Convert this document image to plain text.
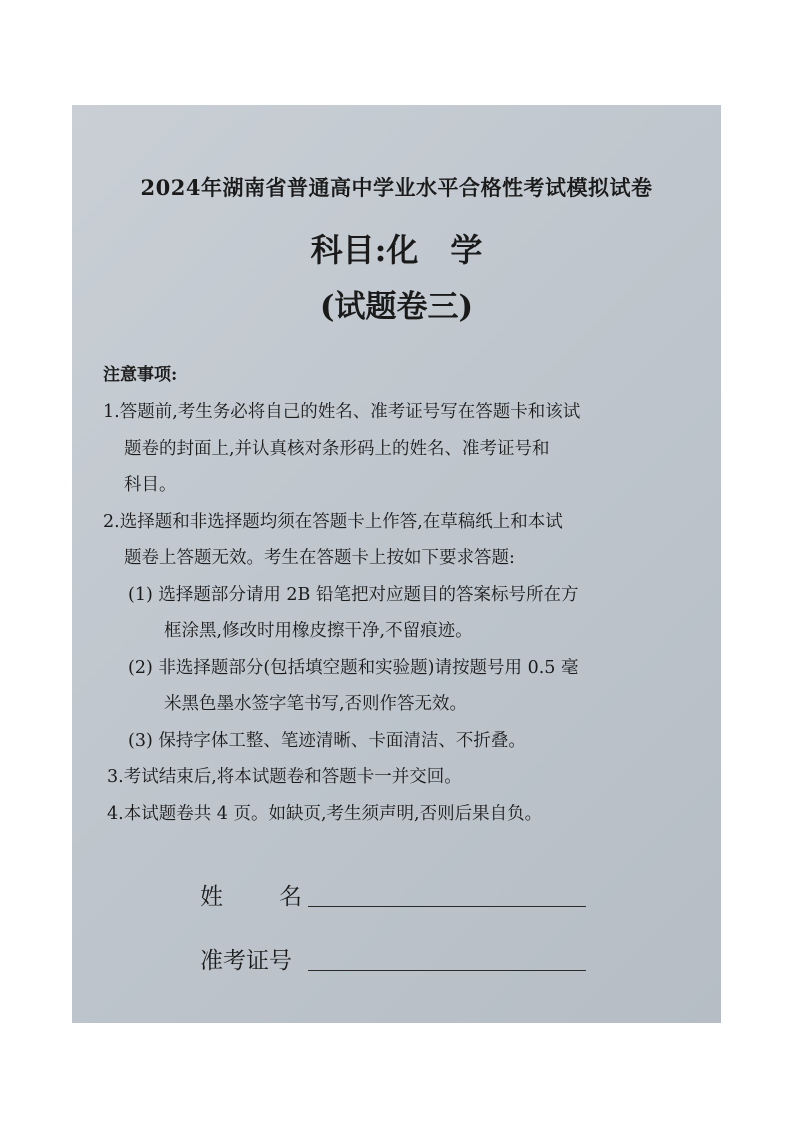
2024年湖南省普通高中学业水平合格性考试模拟试卷
科目:化　学
(试题卷三)
注意事项:
1.答题前,考生务必将自己的姓名、准考证号写在答题卡和该试
题卷的封面上,并认真核对条形码上的姓名、准考证号和
科目。
2.选择题和非选择题均须在答题卡上作答,在草稿纸上和本试
题卷上答题无效。考生在答题卡上按如下要求答题:
(1) 选择题部分请用 2B 铅笔把对应题目的答案标号所在方
框涂黑,修改时用橡皮擦干净,不留痕迹。
(2) 非选择题部分(包括填空题和实验题)请按题号用 0.5 毫
米黑色墨水签字笔书写,否则作答无效。
(3) 保持字体工整、笔迹清晰、卡面清洁、不折叠。
3.考试结束后,将本试题卷和答题卡一并交回。
4.本试题卷共 4 页。如缺页,考生须声明,否则后果自负。
姓 名
准考证号
